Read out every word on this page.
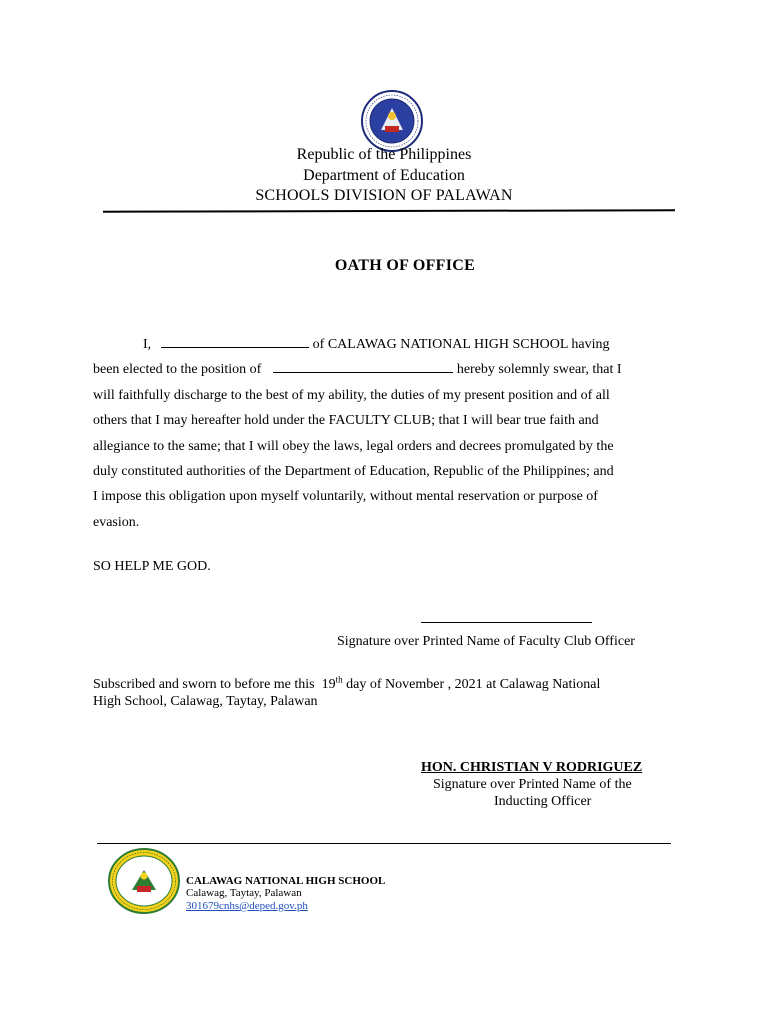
Republic of the Philippines
Department of Education
SCHOOLS DIVISION OF PALAWAN
OATH OF OFFICE
I,	of CALAWAG NATIONAL HIGH SCHOOL having
been elected to the position of	hereby solemnly swear, that I
will faithfully discharge to the best of my ability, the duties of my present position and of all
others that I may hereafter hold under the FACULTY CLUB; that I will bear true faith and
allegiance to the same; that I will obey the laws, legal orders and decrees promulgated by the
duly constituted authorities of the Department of Education, Republic of the Philippines; and
I impose this obligation upon myself voluntarily, without mental reservation or purpose of
evasion.
SO HELP ME GOD.
Signature over Printed Name of Faculty Club Officer
Subscribed and sworn to before me this 19th day of November , 2021 at Calawag National
High School, Calawag, Taytay, Palawan
HON. CHRISTIAN V RODRIGUEZ
Signature over Printed Name of the
Inducting Officer
CALAWAG NATIONAL HIGH SCHOOL
Calawag, Taytay, Palawan
301679cnhs@deped.gov.ph
